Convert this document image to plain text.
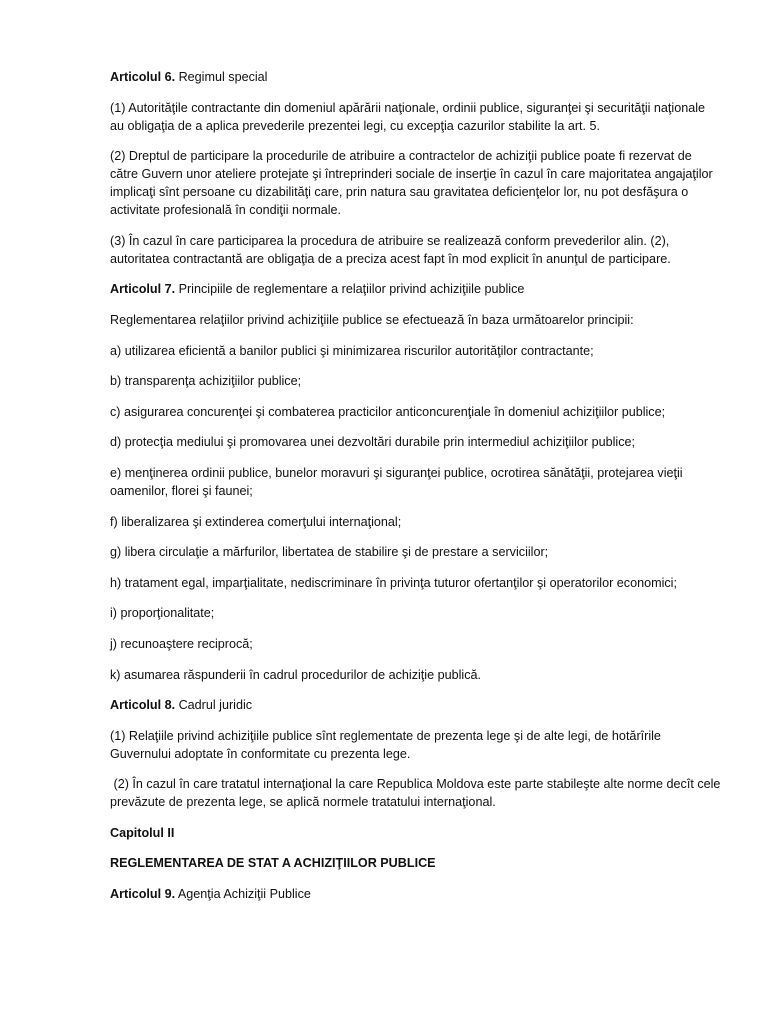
Articolul 6. Regimul special

(1) Autorităţile contractante din domeniul apărării naţionale, ordinii publice, siguranţei şi securităţii naţionale au obligaţia de a aplica prevederile prezentei legi, cu excepţia cazurilor stabilite la art. 5.

(2) Dreptul de participare la procedurile de atribuire a contractelor de achiziţii publice poate fi rezervat de către Guvern unor ateliere protejate şi întreprinderi sociale de inserţie în cazul în care majoritatea angajaţilor implicaţi sînt persoane cu dizabilităţi care, prin natura sau gravitatea deficienţelor lor, nu pot desfăşura o activitate profesională în condiţii normale.

(3) În cazul în care participarea la procedura de atribuire se realizează conform prevederilor alin. (2), autoritatea contractantă are obligaţia de a preciza acest fapt în mod explicit în anunţul de participare.

Articolul 7. Principiile de reglementare a relaţiilor privind achiziţiile publice

Reglementarea relaţiilor privind achiziţiile publice se efectuează în baza următoarelor principii:

a) utilizarea eficientă a banilor publici şi minimizarea riscurilor autorităţilor contractante;

b) transparenţa achiziţiilor publice;

c) asigurarea concurenţei şi combaterea practicilor anticoncurenţiale în domeniul achiziţiilor publice;

d) protecţia mediului şi promovarea unei dezvoltări durabile prin intermediul achiziţiilor publice;

e) menţinerea ordinii publice, bunelor moravuri şi siguranţei publice, ocrotirea sănătăţii, protejarea vieţii oamenilor, florei şi faunei;

f) liberalizarea şi extinderea comerţului internaţional;

g) libera circulaţie a mărfurilor, libertatea de stabilire şi de prestare a serviciilor;

h) tratament egal, imparţialitate, nediscriminare în privinţa tuturor ofertanţilor şi operatorilor economici;

i) proporţionalitate;

j) recunoaştere reciprocă;

k) asumarea răspunderii în cadrul procedurilor de achiziţie publică.

Articolul 8. Cadrul juridic

(1) Relaţiile privind achiziţiile publice sînt reglementate de prezenta lege şi de alte legi, de hotărîrile Guvernului adoptate în conformitate cu prezenta lege.

(2) În cazul în care tratatul internaţional la care Republica Moldova este parte stabileşte alte norme decît cele prevăzute de prezenta lege, se aplică normele tratatului internaţional.

Capitolul II

REGLEMENTAREA DE STAT A ACHIZIŢIILOR PUBLICE

Articolul 9. Agenţia Achiziţii Publice
